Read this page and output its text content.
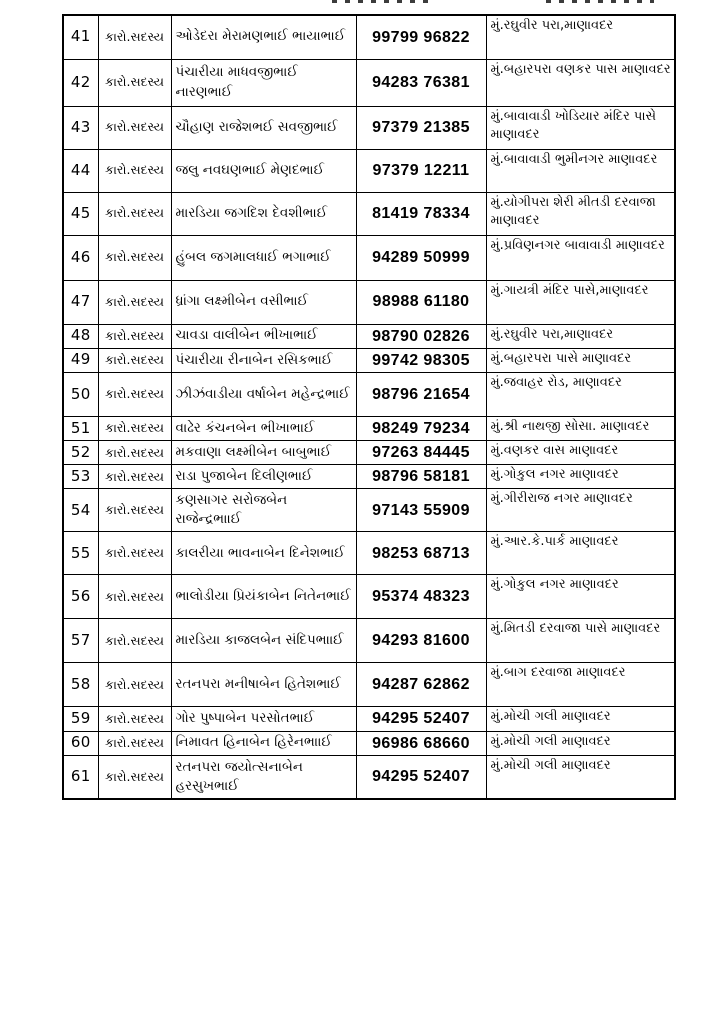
41	કારો.સદસ્ય	ઓડેદરા મેરામણભાઈ ભાયાભાઈ	99799 96822	મું.રઘુવીર પરા,માણાવદર
42	કારો.સદસ્ય	પંચારીયા માધવજીભાઈ નારણભાઈ	94283 76381	મું.બહારપરા વણકર પાસ માણાવદર
43	કારો.સદસ્ય	ચૌહાણ રાજેશભઈ સવજીભાઈ	97379 21385	મું.બાવાવાડી ખોડિયાર મંદિર પાસે માણાવદર
44	કારો.સદસ્ય	જલુ નવઘણભાઈ મેણદભાઈ	97379 12211	મું.બાવાવાડી ભુમીનગર માણાવદર
45	કારો.સદસ્ય	મારડિયા જગદિશ દેવશીભાઈ	81419 78334	મું.યોગીપરા શેરી મીતડી દરવાજા માણાવદર
46	કારો.સદસ્ય	હુંબલ જગમાલધાઈ ભગાભાઈ	94289 50999	મું.પ્રવિણનગર બાવાવાડી માણાવદર
47	કારો.સદસ્ય	ધ્રાંગા લક્ષ્મીબેન વસીભાઈ	98988 61180	મું.ગાયત્રી મંદિર પાસે,માણાવદર
48	કારો.સદસ્ય	ચાવડા વાલીબેન ભીખાભાઈ	98790 02826	મું.રઘુવીર પરા,માણાવદર
49	કારો.સદસ્ય	પંચારીયા રીનાબેન રસિકભાઈ	99742 98305	મું.બહારપરા પાસે માણાવદર
50	કારો.સદસ્ય	ઝીઝંવાડીયા વર્ષાબેન મહેન્દ્રભાઈ	98796 21654	મું.જવાહર રોડ, માણાવદર
51	કારો.સદસ્ય	વાઢેર કંચનબેન ભીખાભાઈ	98249 79234	મું.શ્રી નાથજી સોસા. માણાવદર
52	કારો.સદસ્ય	મકવાણા લક્ષ્મીબેન બાબુભાઈ	97263 84445	મું.વણકર વાસ માણાવદર
53	કારો.સદસ્ય	રાડા પુજાબેન દિલીણભાઈ	98796 58181	મું.ગોકુલ નગર માણાવદર
54	કારો.સદસ્ય	કણસાગર સરોજબેન રાજેન્દ્રભાાઈ	97143 55909	મું.ગીરીરાજ નગર માણાવદર
55	કારો.સદસ્ય	કાલરીયા ભાવનાબેન દિનેશભાઈ	98253 68713	મું.આર.કે.પાર્ક માણાવદર
56	કારો.સદસ્ય	ભાલોડીયા પ્રિયંકાબેન નિતેનભાઈ	95374 48323	મું.ગોકુલ નગર માણાવદર
57	કારો.સદસ્ય	મારડિયા કાજલબેન સંદિપભાાઈ	94293 81600	મું.મિતડી દરવાજા પાસે માણાવદર
58	કારો.સદસ્ય	રતનપરા મનીષાબેન હિતેશભાઈ	94287 62862	મું.બાગ દરવાજા માણાવદર
59	કારો.સદસ્ય	ગોર પુષ્પાબેન પરસોતભાઈ	94295 52407	મું.મોચી ગલી માણાવદર
60	કારો.સદસ્ય	નિમાવત હિનાબેન હિરેનભાાઈ	96986 68660	મું.મોચી ગલી માણાવદર
61	કારો.સદસ્ય	રતનપરા જયોત્સનાબેન હરસુખભાઈ	94295 52407	મું.મોચી ગલી માણાવદર
